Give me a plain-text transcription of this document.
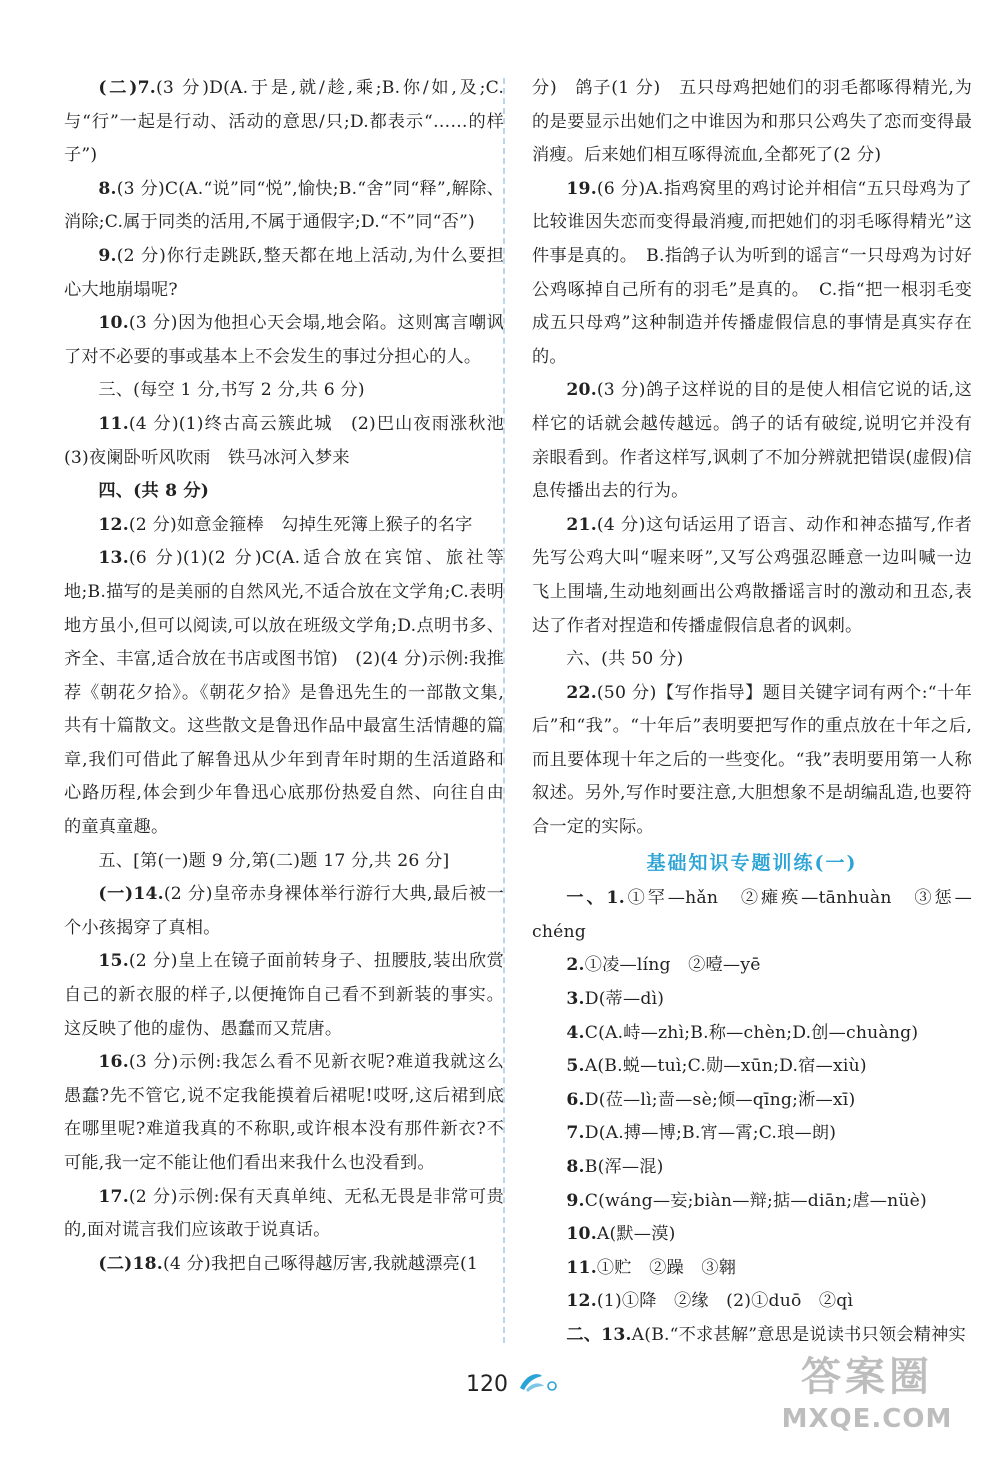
(二)7.(3 分)D(A.于是,就/趁,乘;B.你/如,及;C.与“行”一起是行动、活动的意思/只;D.都表示“……的样子”)

8.(3 分)C(A.“说”同“悦”,愉快;B.“舍”同“释”,解除、消除;C.属于同类的活用,不属于通假字;D.“不”同“否”)

9.(2 分)你行走跳跃,整天都在地上活动,为什么要担心大地崩塌呢?

10.(3 分)因为他担心天会塌,地会陷。这则寓言嘲讽了对不必要的事或基本上不会发生的事过分担心的人。

三、(每空 1 分,书写 2 分,共 6 分)

11.(4 分)(1)终古高云簇此城　(2)巴山夜雨涨秋池　(3)夜阑卧听风吹雨　铁马冰河入梦来

四、(共 8 分)

12.(2 分)如意金箍棒　勾掉生死簿上猴子的名字

13.(6 分)(1)(2 分)C(A.适合放在宾馆、旅社等地;B.描写的是美丽的自然风光,不适合放在文学角;C.表明地方虽小,但可以阅读,可以放在班级文学角;D.点明书多、齐全、丰富,适合放在书店或图书馆)　(2)(4 分)示例:我推荐《朝花夕拾》。《朝花夕拾》是鲁迅先生的一部散文集,共有十篇散文。这些散文是鲁迅作品中最富生活情趣的篇章,我们可借此了解鲁迅从少年到青年时期的生活道路和心路历程,体会到少年鲁迅心底那份热爱自然、向往自由的童真童趣。

五、[第(一)题 9 分,第(二)题 17 分,共 26 分]

(一)14.(2 分)皇帝赤身裸体举行游行大典,最后被一个小孩揭穿了真相。

15.(2 分)皇上在镜子面前转身子、扭腰肢,装出欣赏自己的新衣服的样子,以便掩饰自己看不到新装的事实。这反映了他的虚伪、愚蠢而又荒唐。

16.(3 分)示例:我怎么看不见新衣呢?难道我就这么愚蠢?先不管它,说不定我能摸着后裙呢!哎呀,这后裙到底在哪里呢?难道我真的不称职,或许根本没有那件新衣?不可能,我一定不能让他们看出来我什么也没看到。

17.(2 分)示例:保有天真单纯、无私无畏是非常可贵的,面对谎言我们应该敢于说真话。

(二)18.(4 分)我把自己啄得越厉害,我就越漂亮(1

分)　鸽子(1 分)　五只母鸡把她们的羽毛都啄得精光,为的是要显示出她们之中谁因为和那只公鸡失了恋而变得最消瘦。后来她们相互啄得流血,全都死了(2 分)

19.(6 分)A.指鸡窝里的鸡讨论并相信“五只母鸡为了比较谁因失恋而变得最消瘦,而把她们的羽毛啄得精光”这件事是真的。　B.指鸽子认为听到的谣言“一只母鸡为讨好公鸡啄掉自己所有的羽毛”是真的。　C.指“把一根羽毛变成五只母鸡”这种制造并传播虚假信息的事情是真实存在的。

20.(3 分)鸽子这样说的目的是使人相信它说的话,这样它的话就会越传越远。鸽子的话有破绽,说明它并没有亲眼看到。作者这样写,讽刺了不加分辨就把错误(虚假)信息传播出去的行为。

21.(4 分)这句话运用了语言、动作和神态描写,作者先写公鸡大叫“喔来呀”,又写公鸡强忍睡意一边叫喊一边飞上围墙,生动地刻画出公鸡散播谣言时的激动和丑态,表达了作者对捏造和传播虚假信息者的讽刺。

六、(共 50 分)

22.(50 分)【写作指导】题目关键字词有两个:“十年后”和“我”。“十年后”表明要把写作的重点放在十年之后,而且要体现十年之后的一些变化。“我”表明要用第一人称叙述。另外,写作时要注意,大胆想象不是胡编乱造,也要符合一定的实际。

基础知识专题训练(一)

一、1.①罕—hǎn　②瘫痪—tānhuàn　③惩—chéng

2.①凌—líng　②噎—yē

3.D(蒂—dì)

4.C(A.峙—zhì;B.称—chèn;D.创—chuàng)

5.A(B.蜕—tuì;C.勋—xūn;D.宿—xiù)

6.D(莅—lì;啬—sè;倾—qīng;淅—xī)

7.D(A.搏—博;B.宵—霄;C.琅—朗)

8.B(浑—混)

9.C(wáng—妄;biàn—辩;掂—diān;虐—nüè)

10.A(默—漠)

11.①贮　②躁　③翱

12.(1)①降　②缘　(2)①duō　②qì

二、13.A(B.“不求甚解”意思是说读书只领会精神实

120	答案圈
MXQE.COM
